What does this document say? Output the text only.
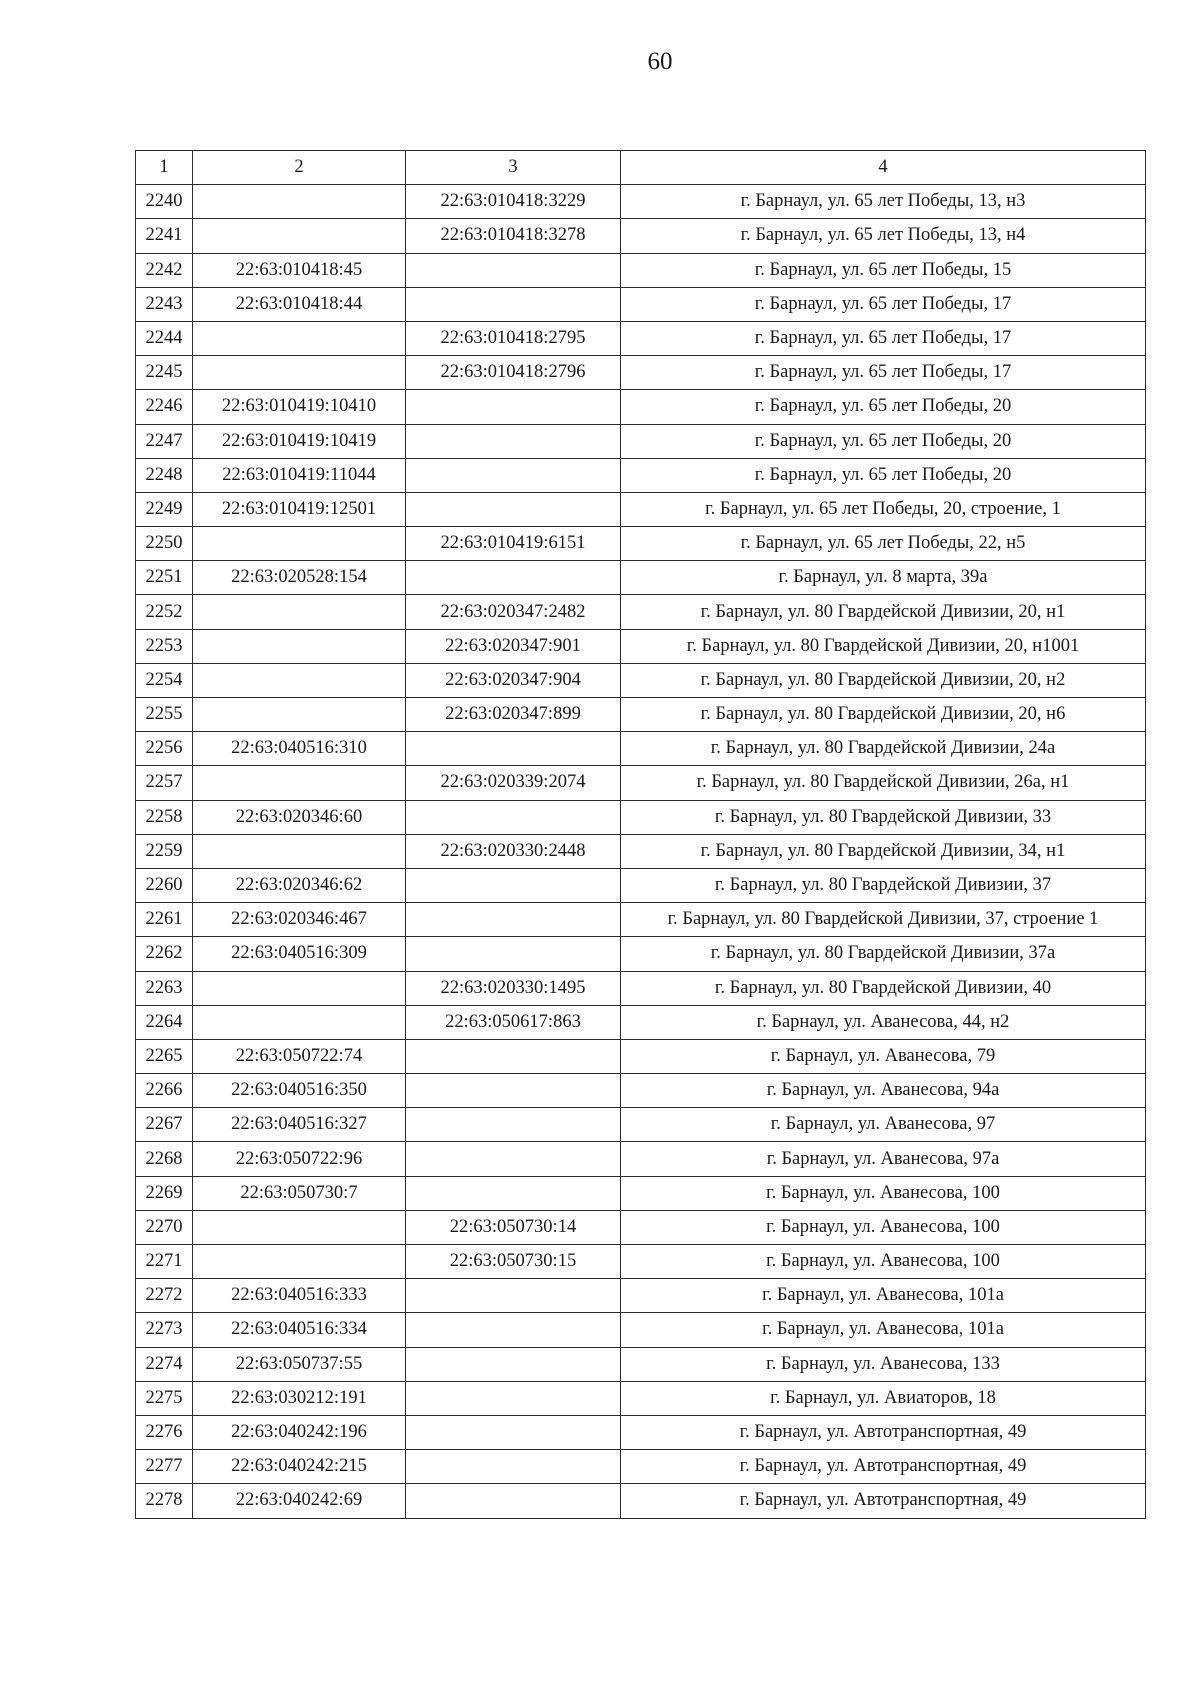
60
1	2	3	4
2240		22:63:010418:3229	г. Барнаул, ул. 65 лет Победы, 13, н3
2241		22:63:010418:3278	г. Барнаул, ул. 65 лет Победы, 13, н4
2242	22:63:010418:45		г. Барнаул, ул. 65 лет Победы, 15
2243	22:63:010418:44		г. Барнаул, ул. 65 лет Победы, 17
2244		22:63:010418:2795	г. Барнаул, ул. 65 лет Победы, 17
2245		22:63:010418:2796	г. Барнаул, ул. 65 лет Победы, 17
2246	22:63:010419:10410		г. Барнаул, ул. 65 лет Победы, 20
2247	22:63:010419:10419		г. Барнаул, ул. 65 лет Победы, 20
2248	22:63:010419:11044		г. Барнаул, ул. 65 лет Победы, 20
2249	22:63:010419:12501		г. Барнаул, ул. 65 лет Победы, 20, строение, 1
2250		22:63:010419:6151	г. Барнаул, ул. 65 лет Победы, 22, н5
2251	22:63:020528:154		г. Барнаул, ул. 8 марта, 39а
2252		22:63:020347:2482	г. Барнаул, ул. 80 Гвардейской Дивизии, 20, н1
2253		22:63:020347:901	г. Барнаул, ул. 80 Гвардейской Дивизии, 20, н1001
2254		22:63:020347:904	г. Барнаул, ул. 80 Гвардейской Дивизии, 20, н2
2255		22:63:020347:899	г. Барнаул, ул. 80 Гвардейской Дивизии, 20, н6
2256	22:63:040516:310		г. Барнаул, ул. 80 Гвардейской Дивизии, 24а
2257		22:63:020339:2074	г. Барнаул, ул. 80 Гвардейской Дивизии, 26а, н1
2258	22:63:020346:60		г. Барнаул, ул. 80 Гвардейской Дивизии, 33
2259		22:63:020330:2448	г. Барнаул, ул. 80 Гвардейской Дивизии, 34, н1
2260	22:63:020346:62		г. Барнаул, ул. 80 Гвардейской Дивизии, 37
2261	22:63:020346:467		г. Барнаул, ул. 80 Гвардейской Дивизии, 37, строение 1
2262	22:63:040516:309		г. Барнаул, ул. 80 Гвардейской Дивизии, 37а
2263		22:63:020330:1495	г. Барнаул, ул. 80 Гвардейской Дивизии, 40
2264		22:63:050617:863	г. Барнаул, ул. Аванесова, 44, н2
2265	22:63:050722:74		г. Барнаул, ул. Аванесова, 79
2266	22:63:040516:350		г. Барнаул, ул. Аванесова, 94а
2267	22:63:040516:327		г. Барнаул, ул. Аванесова, 97
2268	22:63:050722:96		г. Барнаул, ул. Аванесова, 97а
2269	22:63:050730:7		г. Барнаул, ул. Аванесова, 100
2270		22:63:050730:14	г. Барнаул, ул. Аванесова, 100
2271		22:63:050730:15	г. Барнаул, ул. Аванесова, 100
2272	22:63:040516:333		г. Барнаул, ул. Аванесова, 101а
2273	22:63:040516:334		г. Барнаул, ул. Аванесова, 101а
2274	22:63:050737:55		г. Барнаул, ул. Аванесова, 133
2275	22:63:030212:191		г. Барнаул, ул. Авиаторов, 18
2276	22:63:040242:196		г. Барнаул, ул. Автотранспортная, 49
2277	22:63:040242:215		г. Барнаул, ул. Автотранспортная, 49
2278	22:63:040242:69		г. Барнаул, ул. Автотранспортная, 49
